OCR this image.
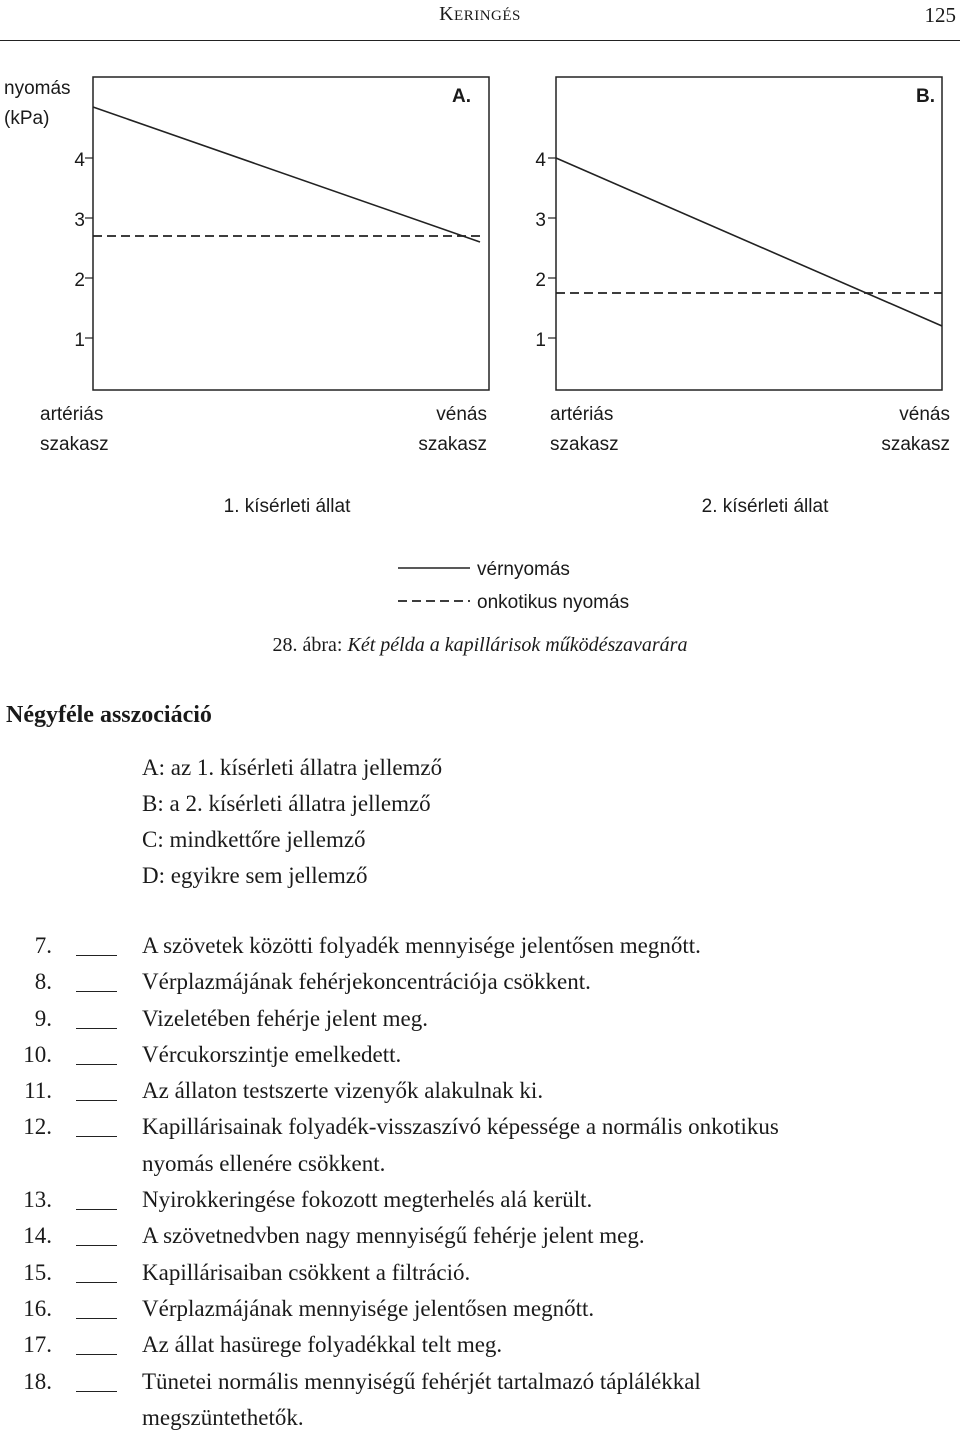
KERINGÉS	125
nyomás
(kPa)
A.
4
3
2
1
artériás
szakasz
vénás
szakasz
1. kísérleti állat
B.
4
3
2
1
artériás
szakasz
vénás
szakasz
2. kísérleti állat
vérnyomás
onkotikus nyomás
28. ábra: Két példa a kapillárisok működészavarára
Négyféle asszociáció
A: az 1. kísérleti állatra jellemző
B: a 2. kísérleti állatra jellemző
C: mindkettőre jellemző
D: egyikre sem jellemző
7.	A szövetek közötti folyadék mennyisége jelentősen megnőtt.
8.	Vérplazmájának fehérjekoncentrációja csökkent.
9.	Vizeletében fehérje jelent meg.
10.	Vércukorszintje emelkedett.
11.	Az állaton testszerte vizenyők alakulnak ki.
12.	Kapillárisainak folyadék-visszaszívó képessége a normális onkotikus
nyomás ellenére csökkent.
13.	Nyirokkeringése fokozott megterhelés alá került.
14.	A szövetnedvben nagy mennyiségű fehérje jelent meg.
15.	Kapillárisaiban csökkent a filtráció.
16.	Vérplazmájának mennyisége jelentősen megnőtt.
17.	Az állat hasürege folyadékkal telt meg.
18.	Tünetei normális mennyiségű fehérjét tartalmazó táplálékkal
megszüntethetők.
